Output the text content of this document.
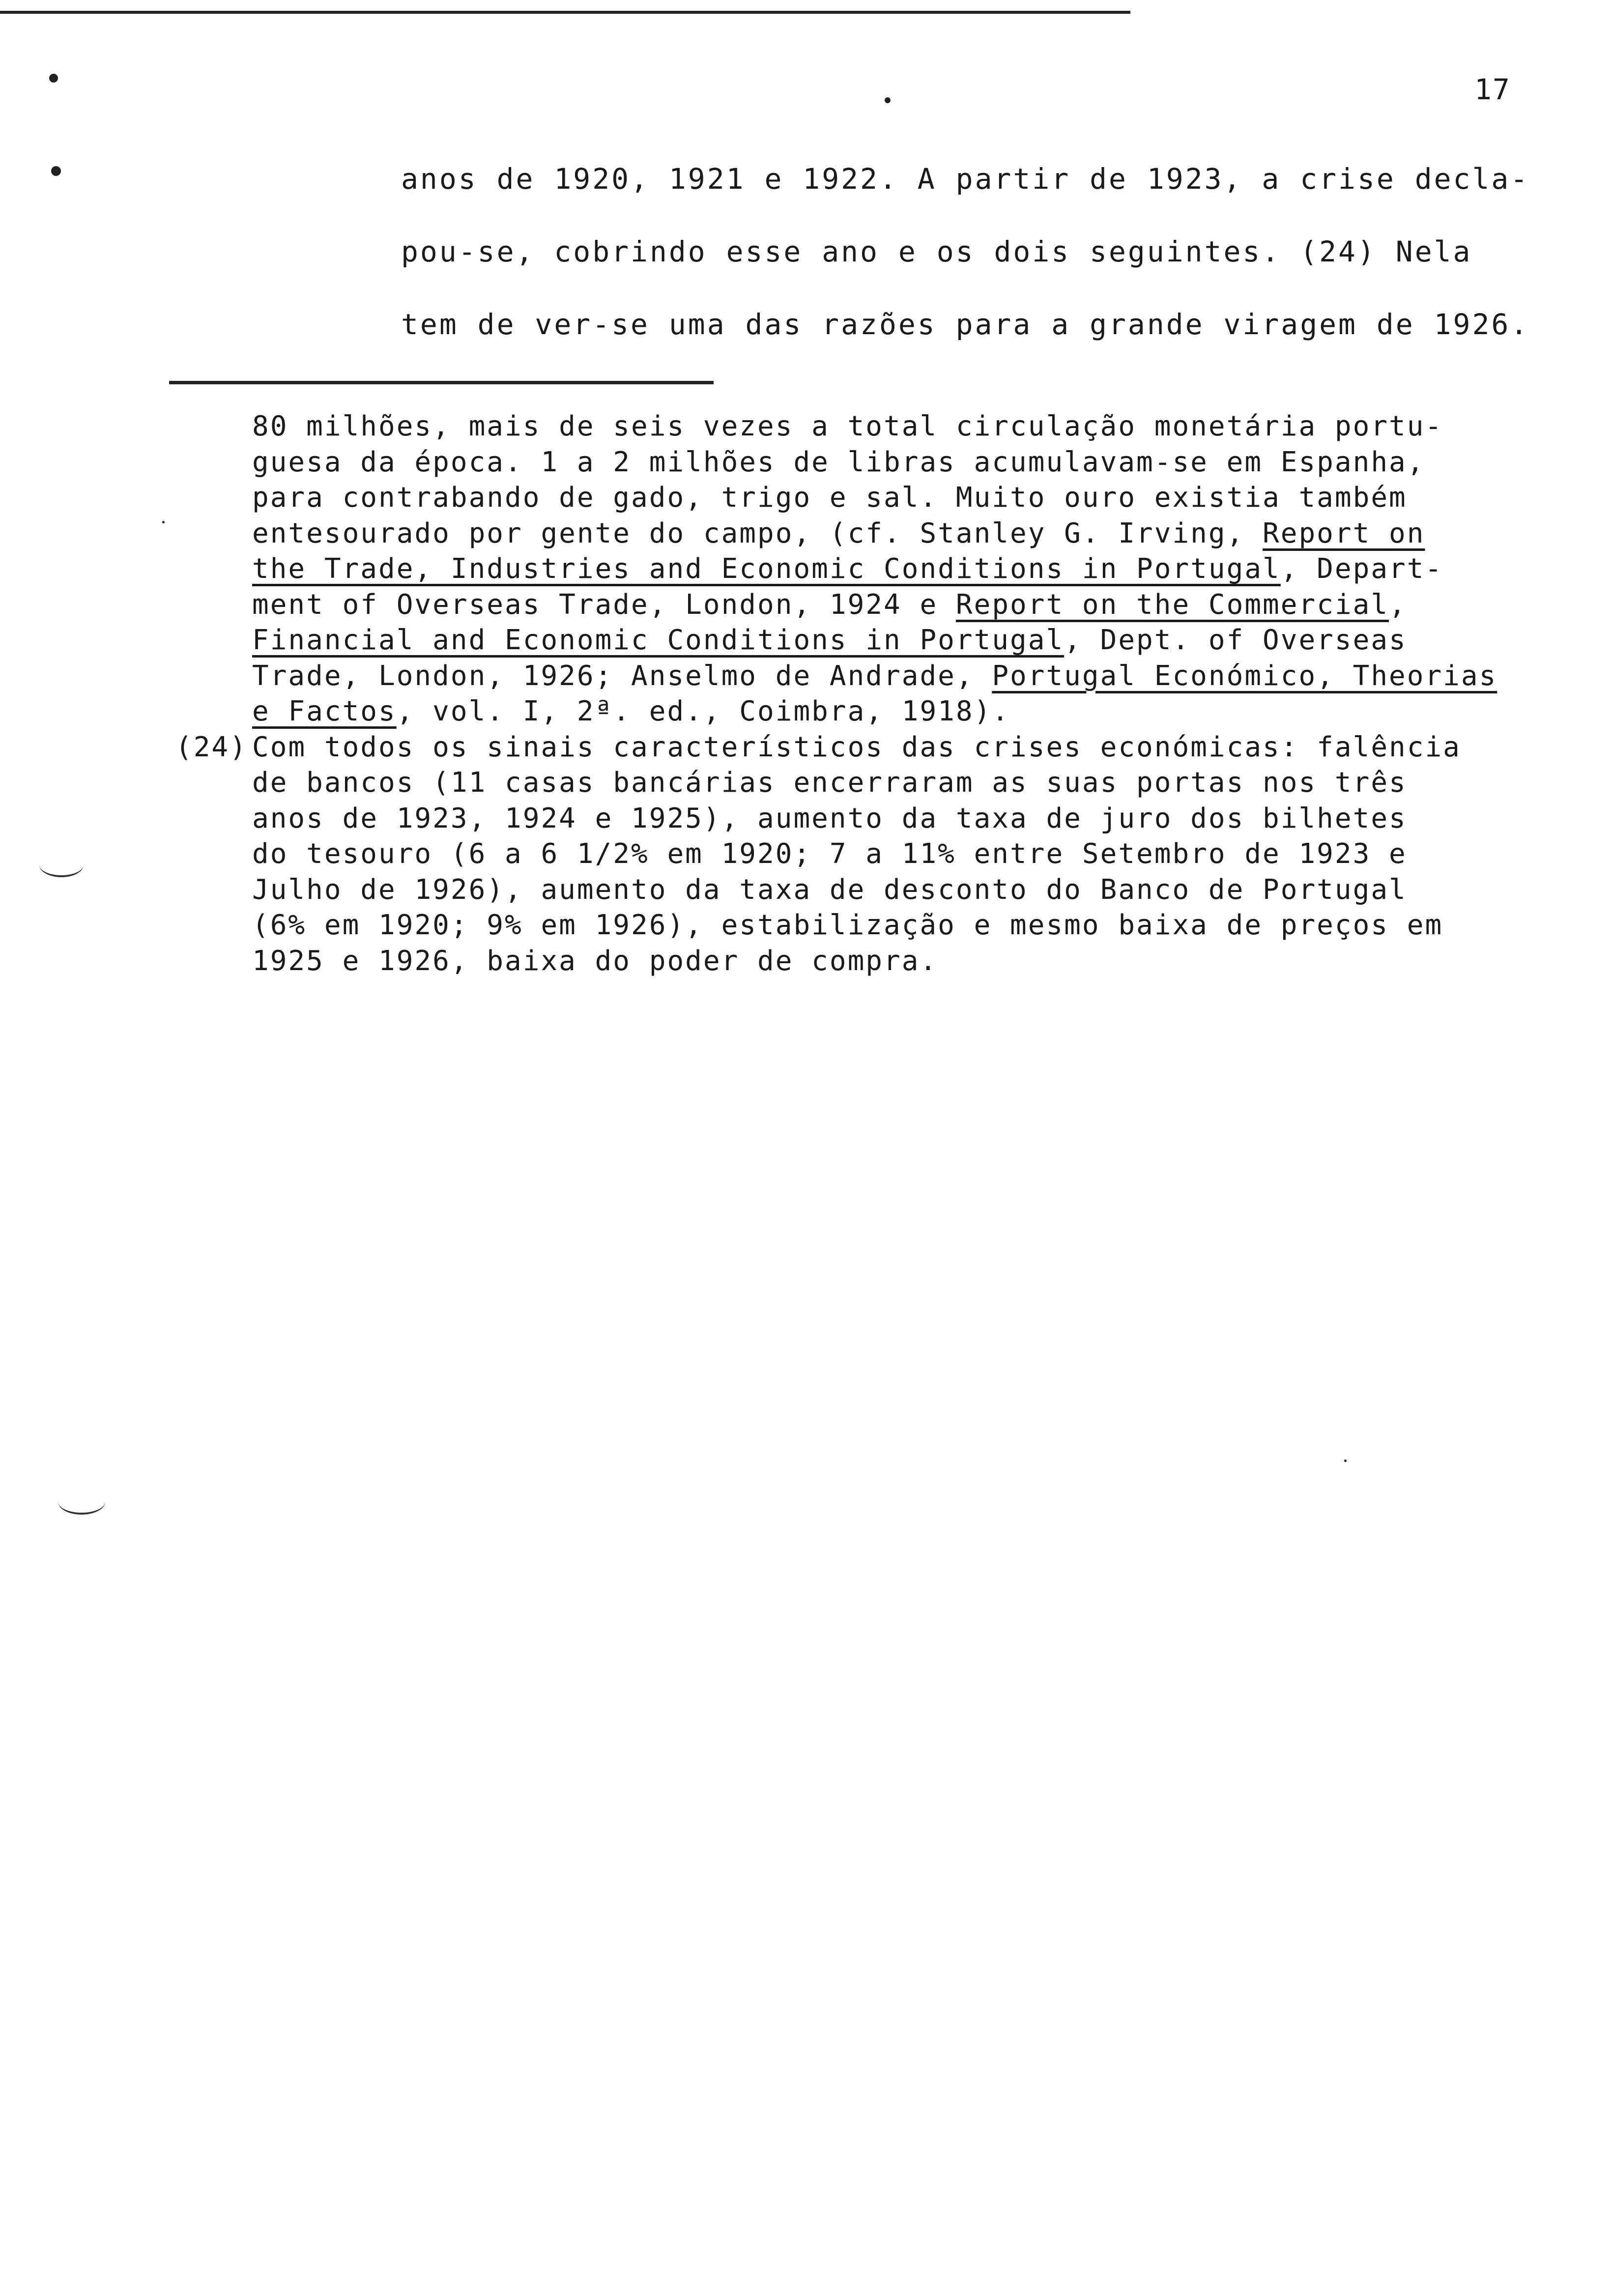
17
anos de 1920, 1921 e 1922. A partir de 1923, a crise decla-
pou-se, cobrindo esse ano e os dois seguintes. (24) Nela
tem de ver-se uma das razões para a grande viragem de 1926.
80 milhões, mais de seis vezes a total circulação monetária portu-
guesa da época. 1 a 2 milhões de libras acumulavam-se em Espanha,
para contrabando de gado, trigo e sal. Muito ouro existia também
entesourado por gente do campo, (cf. Stanley G. Irving, Report on
the Trade, Industries and Economic Conditions in Portugal, Depart-
ment of Overseas Trade, London, 1924 e Report on the Commercial,
Financial and Economic Conditions in Portugal, Dept. of Overseas
Trade, London, 1926; Anselmo de Andrade, Portugal Económico, Theorias
e Factos, vol. I, 2ª. ed., Coimbra, 1918).
(24) Com todos os sinais característicos das crises económicas: falência
de bancos (11 casas bancárias encerraram as suas portas nos três
anos de 1923, 1924 e 1925), aumento da taxa de juro dos bilhetes
do tesouro (6 a 6 1/2% em 1920; 7 a 11% entre Setembro de 1923 e
Julho de 1926), aumento da taxa de desconto do Banco de Portugal
(6% em 1920; 9% em 1926), estabilização e mesmo baixa de preços em
1925 e 1926, baixa do poder de compra.
